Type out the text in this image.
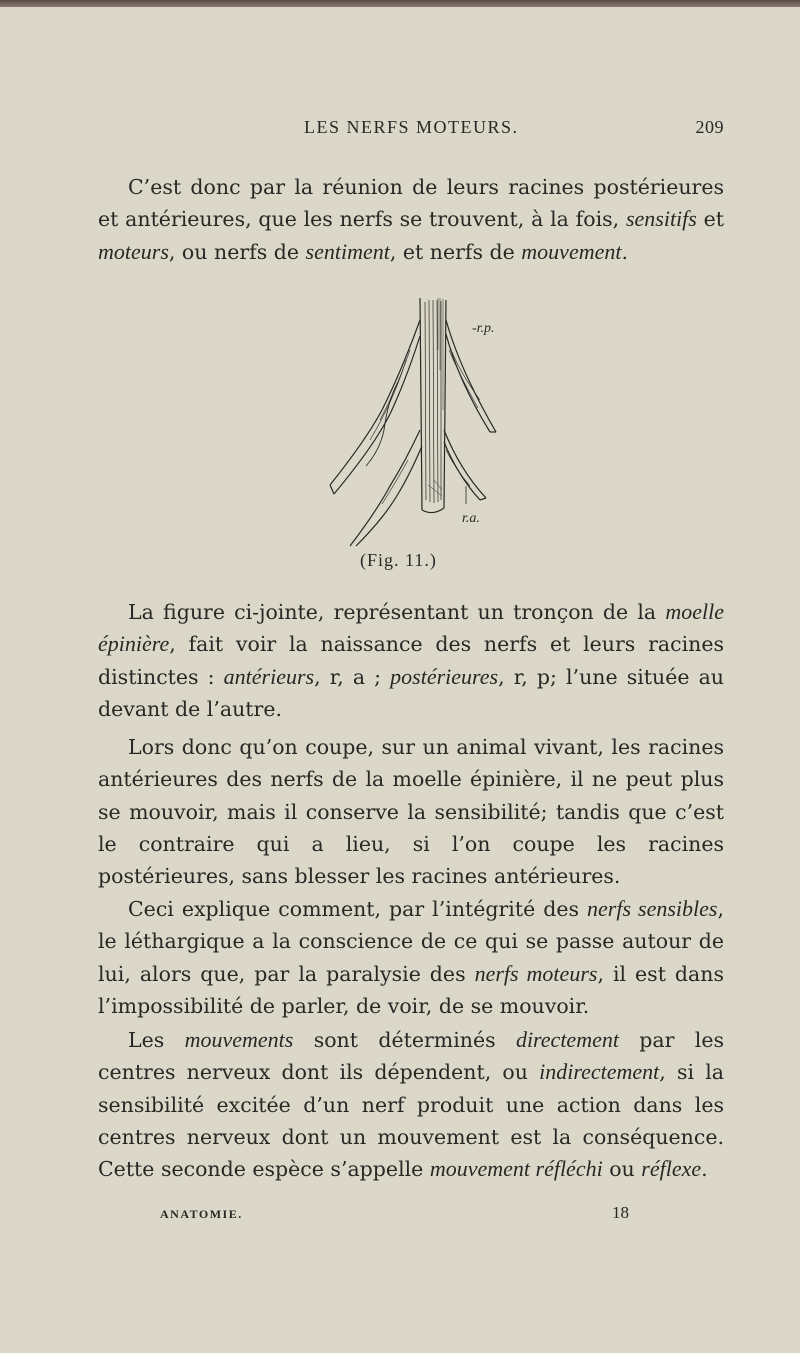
LES NERFS MOTEURS.	209

C’est donc par la réunion de leurs racines postérieures et antérieures, que les nerfs se trouvent, à la fois, sensitifs et moteurs, ou nerfs de sentiment, et nerfs de mouvement.

-r.p.
r.a.
(Fig. 11.)

La figure ci-jointe, représentant un tronçon de la moelle épinière, fait voir la naissance des nerfs et leurs racines distinctes : antérieurs, r, a ; postérieures, r, p; l’une située au devant de l’autre.

Lors donc qu’on coupe, sur un animal vivant, les racines antérieures des nerfs de la moelle épinière, il ne peut plus se mouvoir, mais il conserve la sensibilité; tandis que c’est le contraire qui a lieu, si l’on coupe les racines postérieures, sans blesser les racines antérieures.

Ceci explique comment, par l’intégrité des nerfs sensibles, le léthargique a la conscience de ce qui se passe autour de lui, alors que, par la paralysie des nerfs moteurs, il est dans l’impossibilité de parler, de voir, de se mouvoir.

Les mouvements sont déterminés directement par les centres nerveux dont ils dépendent, ou indirectement, si la sensibilité excitée d’un nerf produit une action dans les centres nerveux dont un mouvement est la conséquence. Cette seconde espèce s’appelle mouvement réfléchi ou réflexe.

ANATOMIE.	18
